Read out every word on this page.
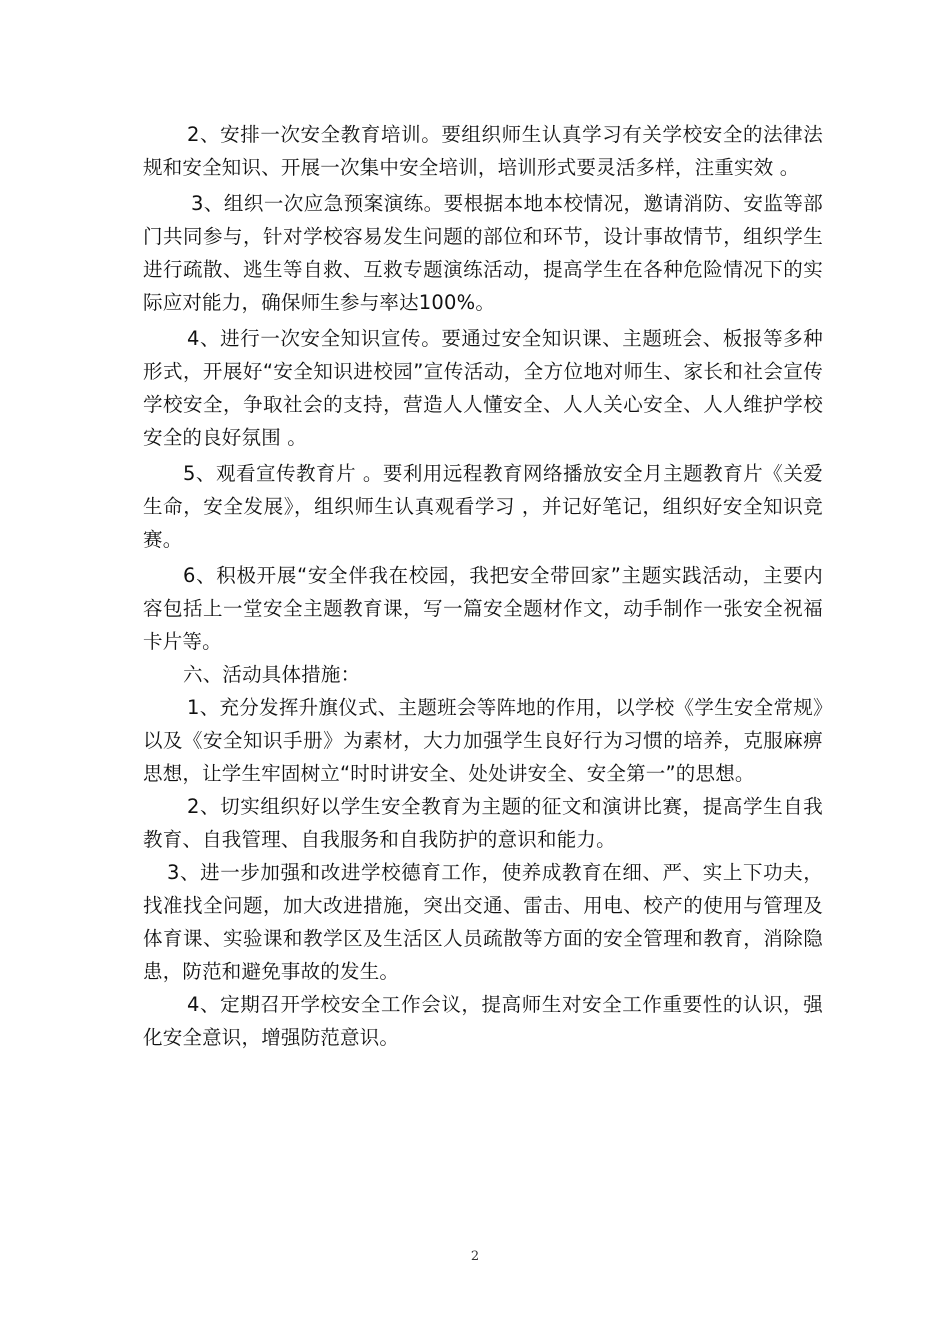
2、安排一次安全教育培训。要组织师生认真学习有关学校安全的法律法规和安全知识、开展一次集中安全培训，培训形式要灵活多样，注重实效 。

3、组织一次应急预案演练。要根据本地本校情况，邀请消防、安监等部门共同参与，针对学校容易发生问题的部位和环节，设计事故情节，组织学生进行疏散、逃生等自救、互救专题演练活动，提高学生在各种危险情况下的实际应对能力，确保师生参与率达100%。

4、进行一次安全知识宣传。要通过安全知识课、主题班会、板报等多种形式，开展好“安全知识进校园”宣传活动，全方位地对师生、家长和社会宣传学校安全，争取社会的支持，营造人人懂安全、人人关心安全、人人维护学校安全的良好氛围 。

5、观看宣传教育片 。要利用远程教育网络播放安全月主题教育片《关爱生命，安全发展》，组织师生认真观看学习 ，并记好笔记，组织好安全知识竞赛。

6、积极开展“安全伴我在校园，我把安全带回家”主题实践活动，主要内容包括上一堂安全主题教育课，写一篇安全题材作文，动手制作一张安全祝福卡片等。

六、活动具体措施：

1、充分发挥升旗仪式、主题班会等阵地的作用，以学校《学生安全常规》以及《安全知识手册》为素材，大力加强学生良好行为习惯的培养，克服麻痹思想，让学生牢固树立“时时讲安全、处处讲安全、安全第一”的思想。

2、切实组织好以学生安全教育为主题的征文和演讲比赛，提高学生自我教育、自我管理、自我服务和自我防护的意识和能力。

3、进一步加强和改进学校德育工作，使养成教育在细、严、实上下功夫，找准找全问题，加大改进措施，突出交通、雷击、用电、校产的使用与管理及体育课、实验课和教学区及生活区人员疏散等方面的安全管理和教育，消除隐患，防范和避免事故的发生。

4、定期召开学校安全工作会议，提高师生对安全工作重要性的认识，强化安全意识，增强防范意识。

2
